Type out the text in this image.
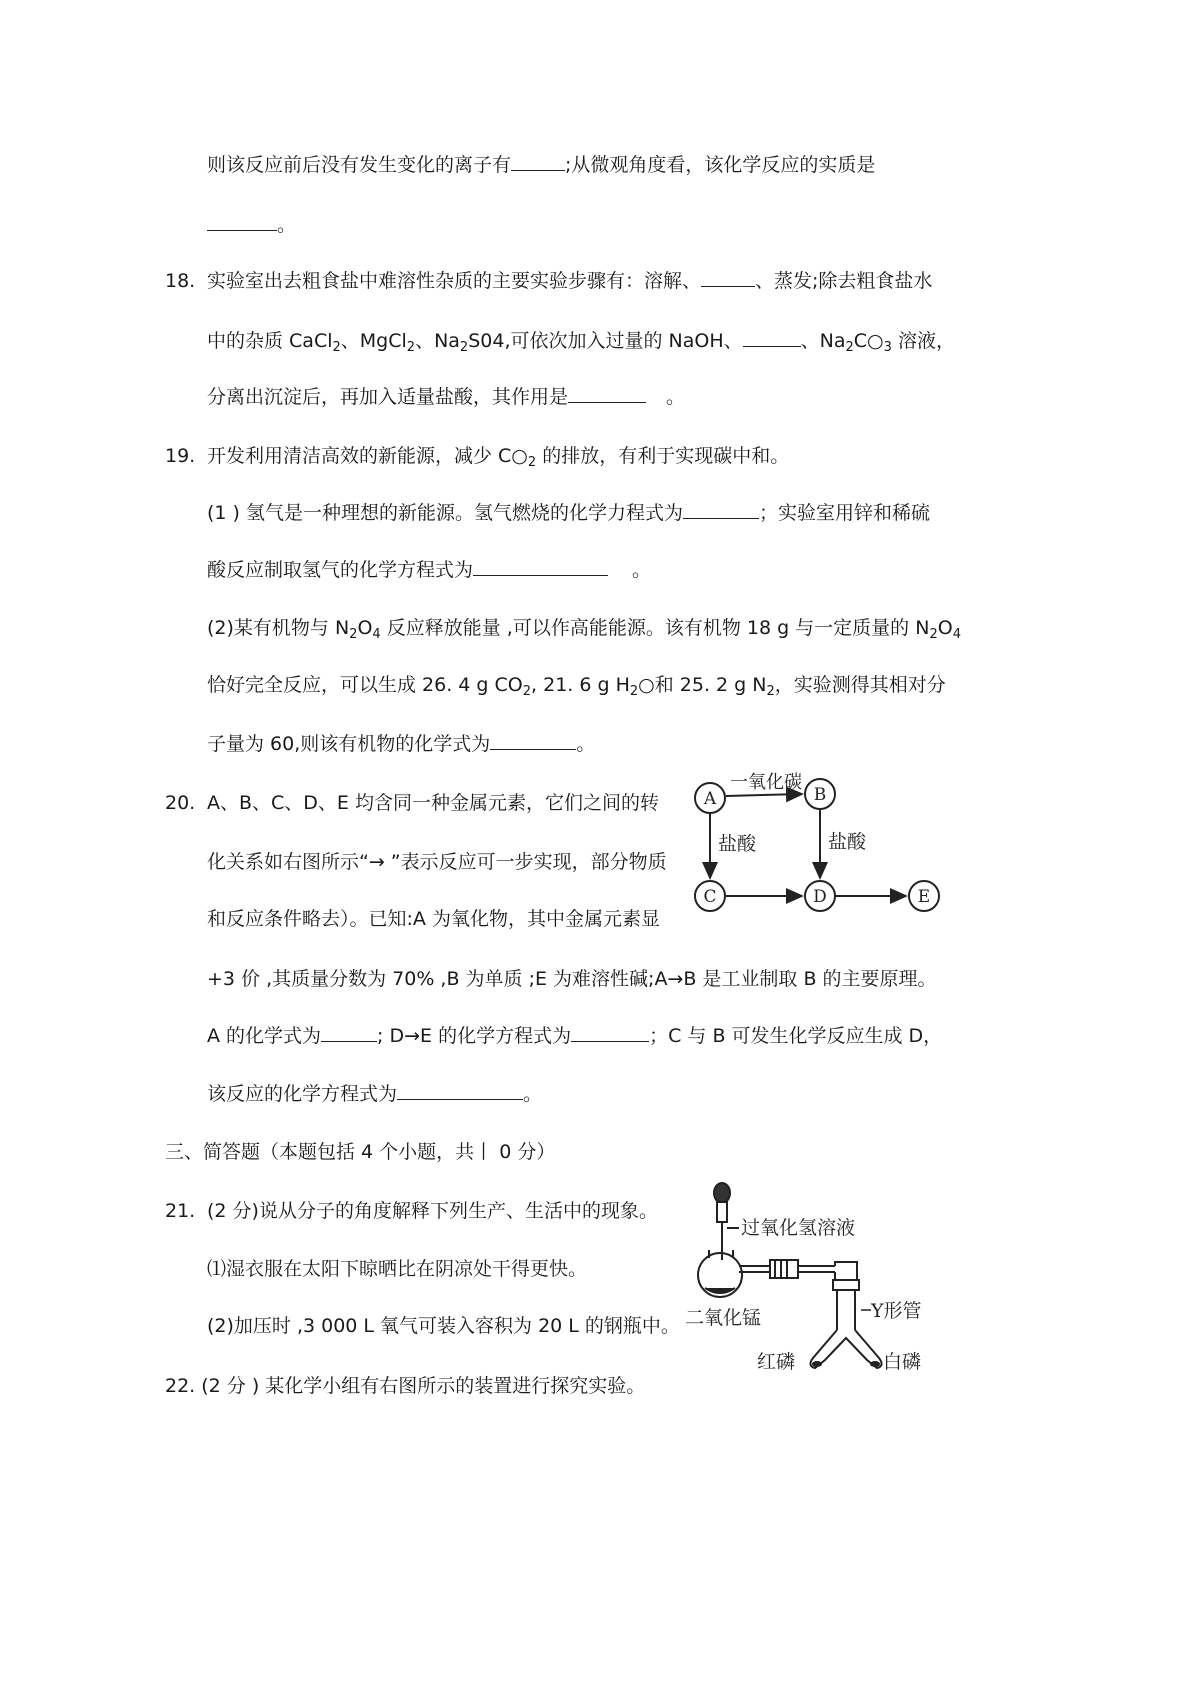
则该反应前后没有发生变化的离子有	;从微观角度看，该化学反应的实质是
。
18. 实验室出去粗食盐中难溶性杂质的主要实验步骤有：溶解、	、蒸发;除去粗食盐水
中的杂质 CaCl$_2$、MgCl$_2$、$Na_2S04$,可依次加入过量的 NaOH、	、$Na_2C○_3$ 溶液，
分离出沉淀后，再加入适量盐酸，其作用是	。
19. 开发利用清洁高效的新能源，减少 $C○_2$ 的排放，有利于实现碳中和。
(1 ) 氢气是一种理想的新能源。氢气燃烧的化学力程式为	；实验室用锌和稀硫
酸反应制取氢气的化学方程式为	。
(2)某有机物与 $N_2O_4$ 反应释放能量 ,可以作高能能源。该有机物 18 g 与一定质量的 $N_2O_4$
恰好完全反应，可以生成 26. 4 g $CO_2$, 21. 6 g $H_2○$和 25. 2 g $N_2$，实验测得其相对分
子量为 60,则该有机物的化学式为	。
20. A、B、C、D、E 均含同一种金属元素，它们之间的转
化关系如右图所示“→ ”表示反应可一步实现，部分物质
和反应条件略去）。已知:A 为氧化物，其中金属元素显
+3 价 ,其质量分数为 70% ,B 为单质 ;E 为难溶性碱;A→B 是工业制取 B 的主要原理。
A 的化学式为	; D→E 的化学方程式为	；C 与 B 可发生化学反应生成 D，
该反应的化学方程式为	。
A	B
C	D	E
一氧化碳
盐酸	盐酸
三、简答题（本题包括 4 个小题，共丨 0 分）
21. (2 分)说从分子的角度解释下列生产、生活中的现象。
⑴湿衣服在太阳下晾晒比在阴凉处干得更快。
(2)加压时 ,3 000 L 氧气可装入容积为 20 L 的钢瓶中。
22. (2 分 ) 某化学小组有右图所示的装置进行探究实验。
过氧化氢溶液
二氧化锰	Y形管
红磷	白磷
